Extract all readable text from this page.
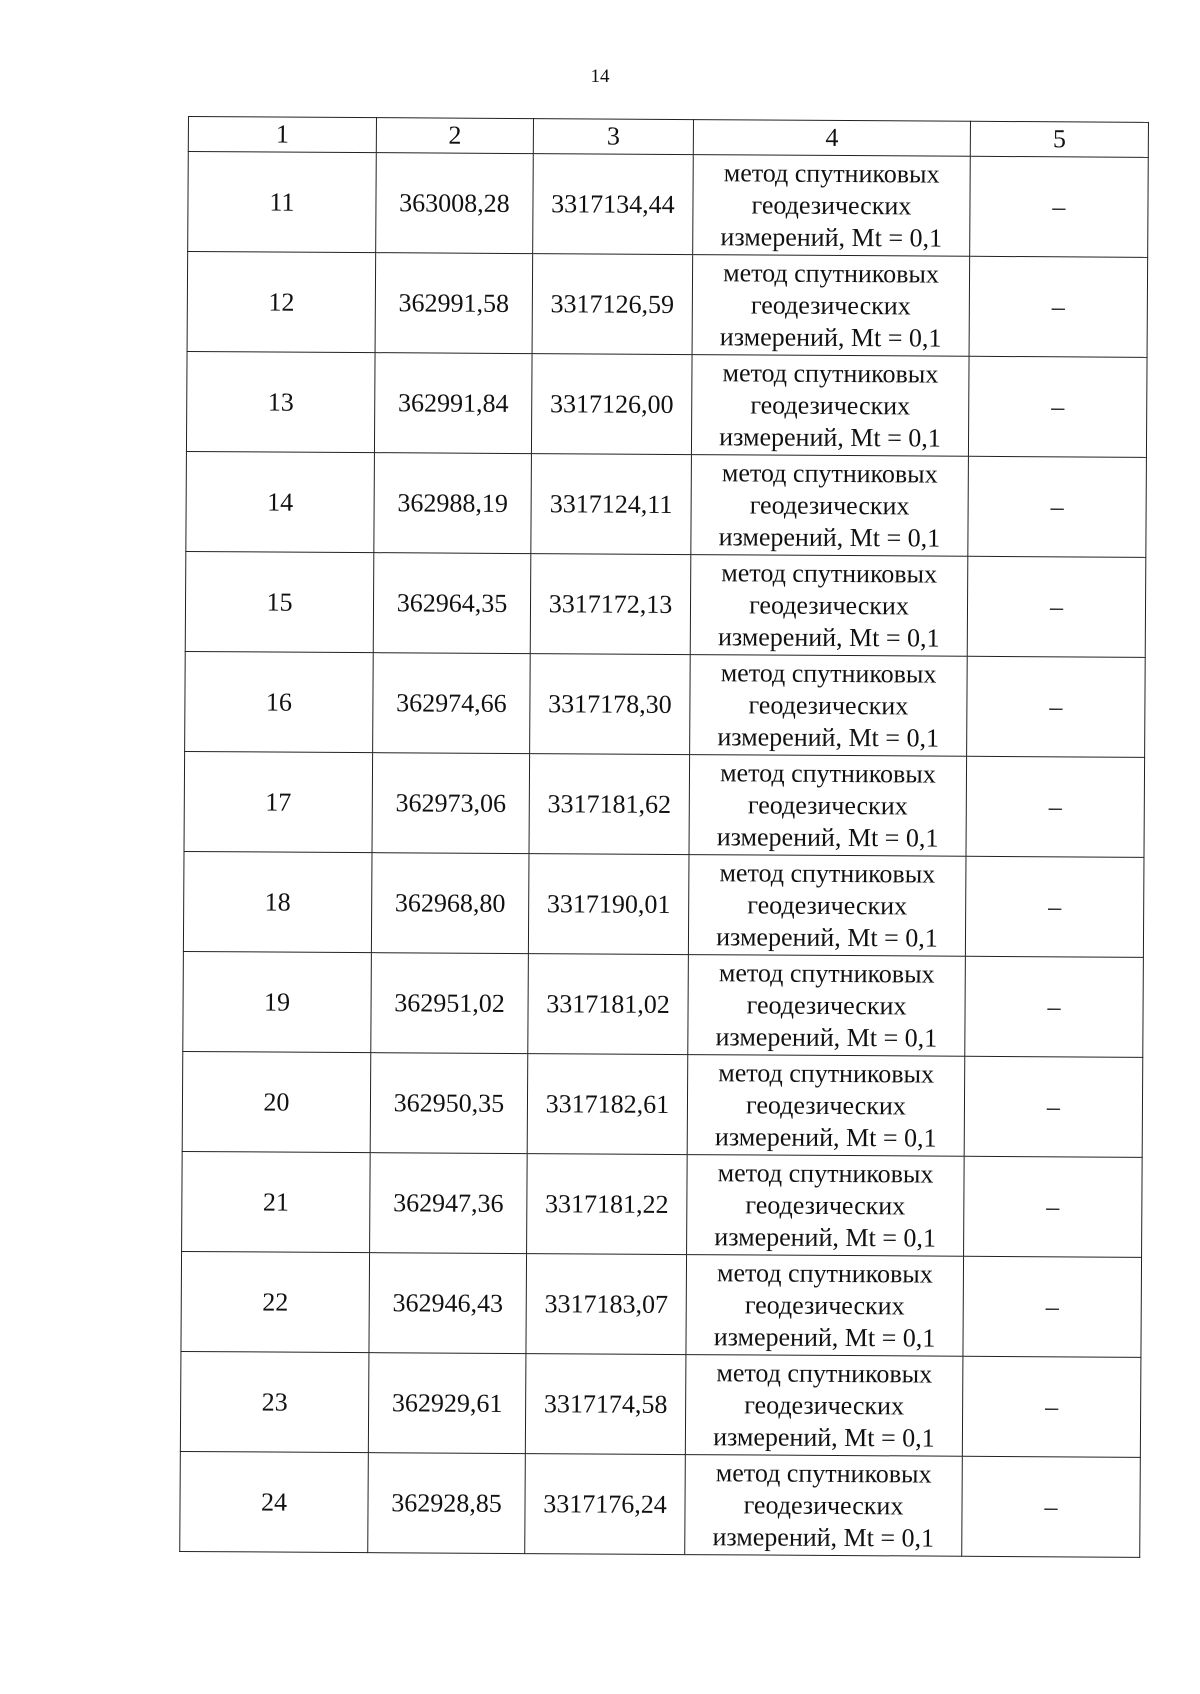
14
1	2	3	4	5
11	363008,28	3317134,44	метод спутниковых
геодезических
измерений, Mt = 0,1	–
12	362991,58	3317126,59	метод спутниковых
геодезических
измерений, Mt = 0,1	–
13	362991,84	3317126,00	метод спутниковых
геодезических
измерений, Mt = 0,1	–
14	362988,19	3317124,11	метод спутниковых
геодезических
измерений, Mt = 0,1	–
15	362964,35	3317172,13	метод спутниковых
геодезических
измерений, Mt = 0,1	–
16	362974,66	3317178,30	метод спутниковых
геодезических
измерений, Mt = 0,1	–
17	362973,06	3317181,62	метод спутниковых
геодезических
измерений, Mt = 0,1	–
18	362968,80	3317190,01	метод спутниковых
геодезических
измерений, Mt = 0,1	–
19	362951,02	3317181,02	метод спутниковых
геодезических
измерений, Mt = 0,1	–
20	362950,35	3317182,61	метод спутниковых
геодезических
измерений, Mt = 0,1	–
21	362947,36	3317181,22	метод спутниковых
геодезических
измерений, Mt = 0,1	–
22	362946,43	3317183,07	метод спутниковых
геодезических
измерений, Mt = 0,1	–
23	362929,61	3317174,58	метод спутниковых
геодезических
измерений, Mt = 0,1	–
24	362928,85	3317176,24	метод спутниковых
геодезических
измерений, Mt = 0,1	–
